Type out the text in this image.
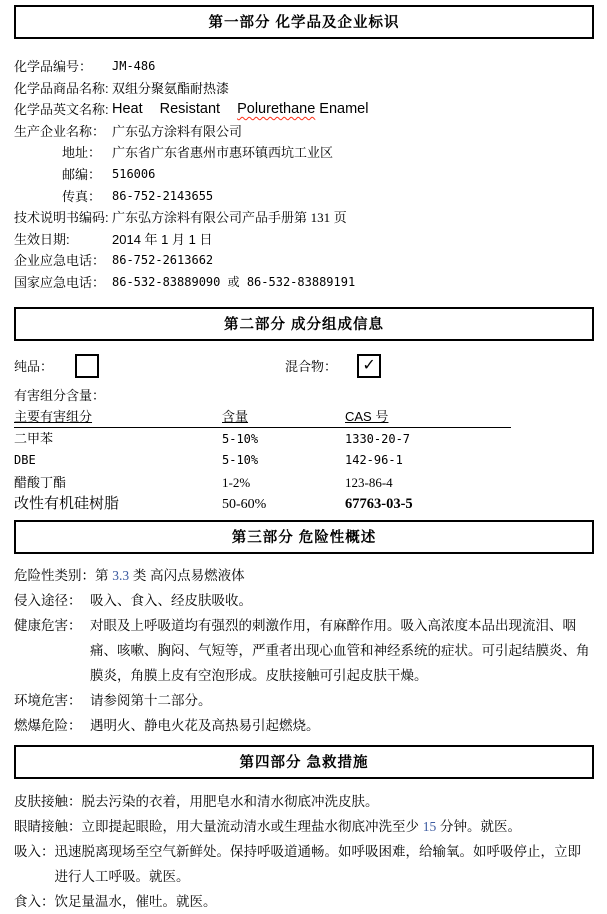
第一部分 化学品及企业标识
化学品编号：	JM-486
化学品商品名称: 双组分聚氨酯耐热漆
化学品英文名称: Heat Resistant Polurethane Enamel
生产企业名称： 广东弘方涂料有限公司
地址： 广东省广东省惠州市惠环镇西坑工业区
邮编： 516006
传真： 86-752-2143655
技术说明书编码: 广东弘方涂料有限公司产品手册第 131 页
生效日期:	2014 年 1 月 1 日
企业应急电话： 86-752-2613662
国家应急电话： 86-532-83889090 或 86-532-83889191
第二部分 成分组成信息
纯品：	混合物： ✓
有害组分含量：
主要有害组分	含量	CAS 号
二甲苯	5-10%	1330-20-7
DBE	5-10%	142-96-1
醋酸丁酯	1-2%	123-86-4
改性有机硅树脂	50-60%	67763-03-5
第三部分 危险性概述
危险性类别： 第 3.3 类 高闪点易燃液体
侵入途径： 吸入、食入、经皮肤吸收。
健康危害： 对眼及上呼吸道均有强烈的刺激作用，有麻醉作用。吸入高浓度本品出现流泪、咽痛、咳嗽、胸闷、气短等，严重者出现心血管和神经系统的症状。可引起结膜炎、角膜炎，角膜上皮有空泡形成。皮肤接触可引起皮肤干燥。
环境危害： 请参阅第十二部分。
燃爆危险： 遇明火、静电火花及高热易引起燃烧。
第四部分 急救措施
皮肤接触： 脱去污染的衣着，用肥皂水和清水彻底冲洗皮肤。
眼睛接触： 立即提起眼睑，用大量流动清水或生理盐水彻底冲洗至少 15 分钟。就医。
吸入： 迅速脱离现场至空气新鲜处。保持呼吸道通畅。如呼吸困难，给输氧。如呼吸停止，立即进行人工呼吸。就医。
食入： 饮足量温水，催吐。就医。
